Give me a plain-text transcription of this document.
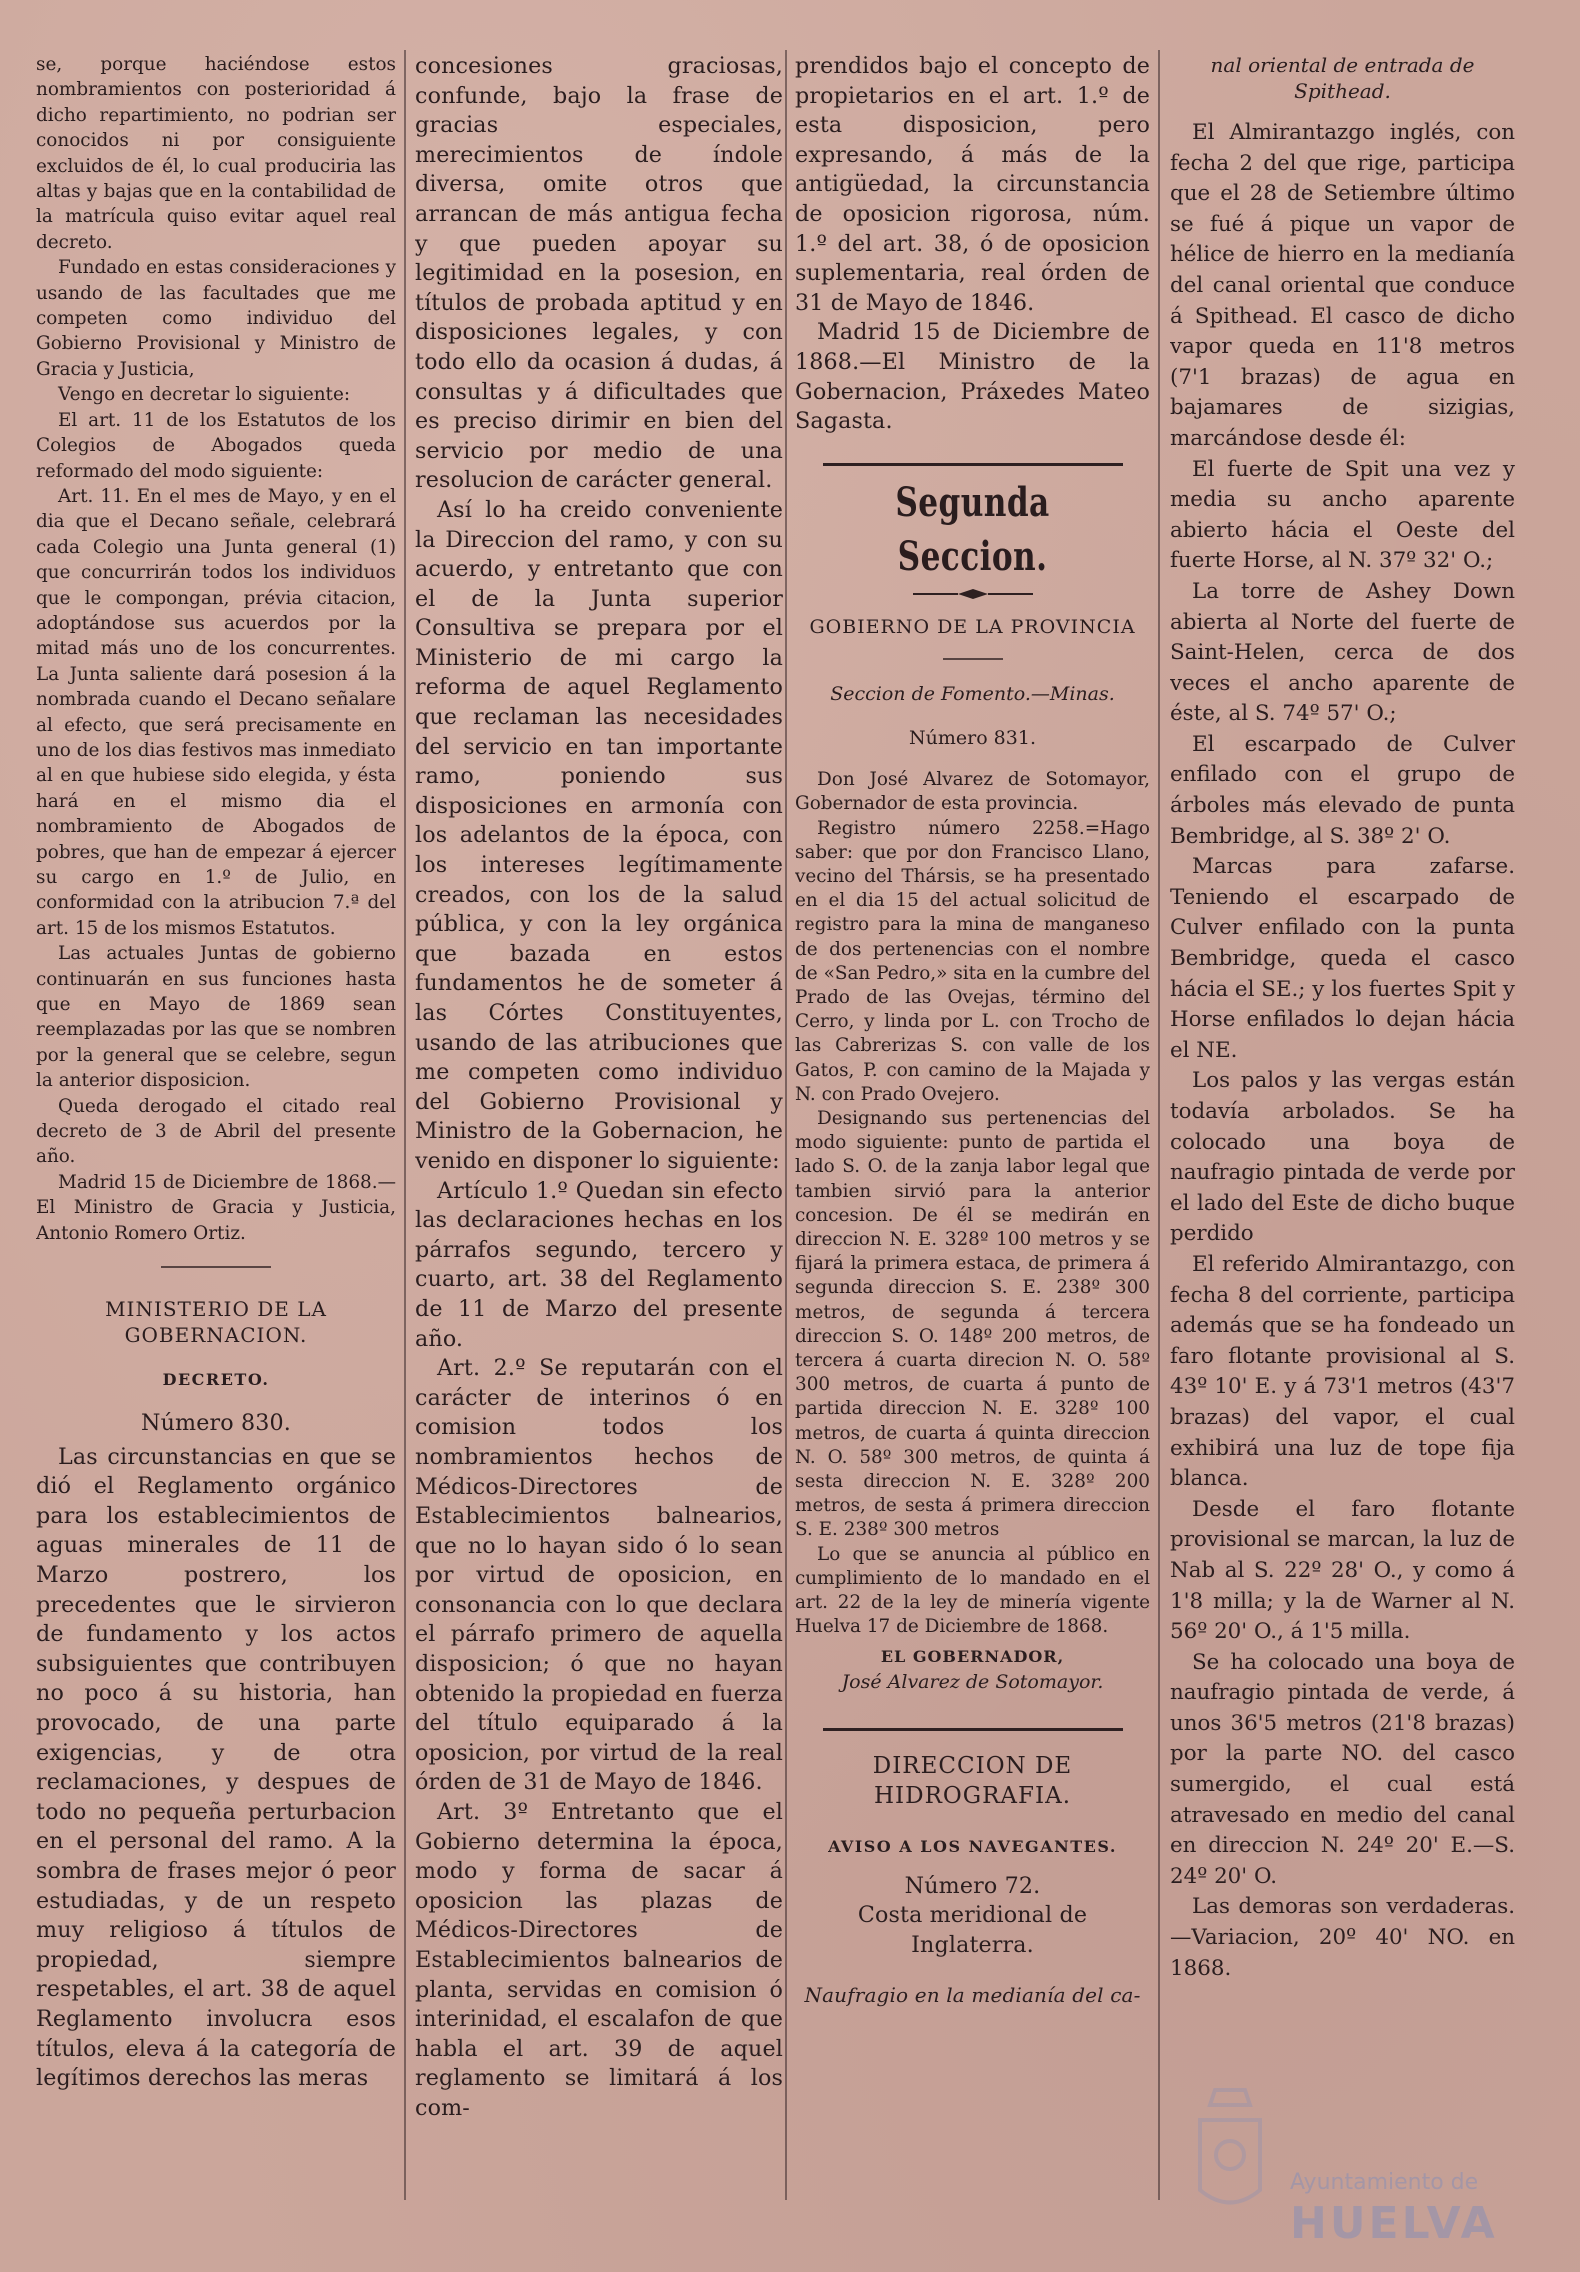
se, porque haciéndose estos nombramientos con posterioridad á dicho repartimiento, no podrian ser conocidos ni por consiguiente excluidos de él, lo cual produciria las altas y bajas que en la contabilidad de la matrícula quiso evitar aquel real decreto.

Fundado en estas consideraciones y usando de las facultades que me competen como individuo del Gobierno Provisional y Ministro de Gracia y Justicia,

Vengo en decretar lo siguiente:

El art. 11 de los Estatutos de los Colegios de Abogados queda reformado del modo siguiente:

Art. 11. En el mes de Mayo, y en el dia que el Decano señale, celebrará cada Colegio una Junta general (1) que concurrirán todos los individuos que le compongan, prévia citacion, adoptándose sus acuerdos por la mitad más uno de los concurrentes. La Junta saliente dará posesion á la nombrada cuando el Decano señalare al efecto, que será precisamente en uno de los dias festivos mas inmediato al en que hubiese sido elegida, y ésta hará en el mismo dia el nombramiento de Abogados de pobres, que han de empezar á ejercer su cargo en 1.º de Julio, en conformidad con la atribucion 7.ª del art. 15 de los mismos Estatutos.

Las actuales Juntas de gobierno continuarán en sus funciones hasta que en Mayo de 1869 sean reemplazadas por las que se nombren por la general que se celebre, segun la anterior disposicion.

Queda derogado el citado real decreto de 3 de Abril del presente año.

Madrid 15 de Diciembre de 1868.—El Ministro de Gracia y Justicia, Antonio Romero Ortiz.

MINISTERIO DE LA GOBERNACION.
DECRETO.
Número 830.

Las circunstancias en que se dió el Reglamento orgánico para los establecimientos de aguas minerales de 11 de Marzo postrero, los precedentes que le sirvieron de fundamento y los actos subsiguientes que contribuyen no poco á su historia, han provocado, de una parte exigencias, y de otra reclamaciones, y despues de todo no pequeña perturbacion en el personal del ramo. A la sombra de frases mejor ó peor estudiadas, y de un respeto muy religioso á títulos de propiedad, siempre respetables, el art. 38 de aquel Reglamento involucra esos títulos, eleva á la categoría de legítimos derechos las meras

concesiones graciosas, confunde, bajo la frase de gracias especiales, merecimientos de índole diversa, omite otros que arrancan de más antigua fecha y que pueden apoyar su legitimidad en la posesion, en títulos de probada aptitud y en disposiciones legales, y con todo ello da ocasion á dudas, á consultas y á dificultades que es preciso dirimir en bien del servicio por medio de una resolucion de carácter general.

Así lo ha creido conveniente la Direccion del ramo, y con su acuerdo, y entretanto que con el de la Junta superior Consultiva se prepara por el Ministerio de mi cargo la reforma de aquel Reglamento que reclaman las necesidades del servicio en tan importante ramo, poniendo sus disposiciones en armonía con los adelantos de la época, con los intereses legítimamente creados, con los de la salud pública, y con la ley orgánica que bazada en estos fundamentos he de someter á las Córtes Constituyentes, usando de las atribuciones que me competen como individuo del Gobierno Provisional y Ministro de la Gobernacion, he venido en disponer lo siguiente:

Artículo 1.º Quedan sin efecto las declaraciones hechas en los párrafos segundo, tercero y cuarto, art. 38 del Reglamento de 11 de Marzo del presente año.

Art. 2.º Se reputarán con el carácter de interinos ó en comision todos los nombramientos hechos de Médicos-Directores de Establecimientos balnearios, que no lo hayan sido ó lo sean por virtud de oposicion, en consonancia con lo que declara el párrafo primero de aquella disposicion; ó que no hayan obtenido la propiedad en fuerza del título equiparado á la oposicion, por virtud de la real órden de 31 de Mayo de 1846.

Art. 3º Entretanto que el Gobierno determina la época, modo y forma de sacar á oposicion las plazas de Médicos-Directores de Establecimientos balnearios de planta, servidas en comision ó interinidad, el escalafon de que habla el art. 39 de aquel reglamento se limitará á los com-

prendidos bajo el concepto de propietarios en el art. 1.º de esta disposicion, pero expresando, á más de la antigüedad, la circunstancia de oposicion rigorosa, núm. 1.º del art. 38, ó de oposicion suplementaria, real órden de 31 de Mayo de 1846.

Madrid 15 de Diciembre de 1868.—El Ministro de la Gobernacion, Práxedes Mateo Sagasta.

Segunda Seccion.
GOBIERNO DE LA PROVINCIA
Seccion de Fomento.—Minas.
Número 831.

Don José Alvarez de Sotomayor, Gobernador de esta provincia.

Registro número 2258.=Hago saber: que por don Francisco Llano, vecino del Thársis, se ha presentado en el dia 15 del actual solicitud de registro para la mina de manganeso de dos pertenencias con el nombre de «San Pedro,» sita en la cumbre del Prado de las Ovejas, término del Cerro, y linda por L. con Trocho de las Cabrerizas S. con valle de los Gatos, P. con camino de la Majada y N. con Prado Ovejero.

Designando sus pertenencias del modo siguiente: punto de partida el lado S. O. de la zanja labor legal que tambien sirvió para la anterior concesion. De él se medirán en direccion N. E. 328º 100 metros y se fijará la primera estaca, de primera á segunda direccion S. E. 238º 300 metros, de segunda á tercera direccion S. O. 148º 200 metros, de tercera á cuarta direcion N. O. 58º 300 metros, de cuarta á punto de partida direccion N. E. 328º 100 metros, de cuarta á quinta direccion N. O. 58º 300 metros, de quinta á sesta direccion N. E. 328º 200 metros, de sesta á primera direccion S. E. 238º 300 metros

Lo que se anuncia al público en cumplimiento de lo mandado en el art. 22 de la ley de minería vigente Huelva 17 de Diciembre de 1868.

EL GOBERNADOR,
José Alvarez de Sotomayor.
DIRECCION DE HIDROGRAFIA.
AVISO A LOS NAVEGANTES.
Número 72.
Costa meridional de Inglaterra.
Naufragio en la medianía del ca-
nal oriental de entrada de Spithead.

El Almirantazgo inglés, con fecha 2 del que rige, participa que el 28 de Setiembre último se fué á pique un vapor de hélice de hierro en la medianía del canal oriental que conduce á Spithead. El casco de dicho vapor queda en 11'8 metros (7'1 brazas) de agua en bajamares de sizigias, marcándose desde él:

El fuerte de Spit una vez y media su ancho aparente abierto hácia el Oeste del fuerte Horse, al N. 37º 32' O.;

La torre de Ashey Down abierta al Norte del fuerte de Saint-Helen, cerca de dos veces el ancho aparente de éste, al S. 74º 57' O.;

El escarpado de Culver enfilado con el grupo de árboles más elevado de punta Bembridge, al S. 38º 2' O.

Marcas para zafarse. Teniendo el escarpado de Culver enfilado con la punta Bembridge, queda el casco hácia el SE.; y los fuertes Spit y Horse enfilados lo dejan hácia el NE.

Los palos y las vergas están todavía arbolados. Se ha colocado una boya de naufragio pintada de verde por el lado del Este de dicho buque perdido

El referido Almirantazgo, con fecha 8 del corriente, participa además que se ha fondeado un faro flotante provisional al S. 43º 10' E. y á 73'1 metros (43'7 brazas) del vapor, el cual exhibirá una luz de tope fija blanca.

Desde el faro flotante provisional se marcan, la luz de Nab al S. 22º 28' O., y como á 1'8 milla; y la de Warner al N. 56º 20' O., á 1'5 milla.

Se ha colocado una boya de naufragio pintada de verde, á unos 36'5 metros (21'8 brazas) por la parte NO. del casco sumergido, el cual está atravesado en medio del canal en direccion N. 24º 20' E.—S. 24º 20' O.

Las demoras son verdaderas.—Variacion, 20º 40' NO. en 1868.

Ayuntamiento de
HUELVA
